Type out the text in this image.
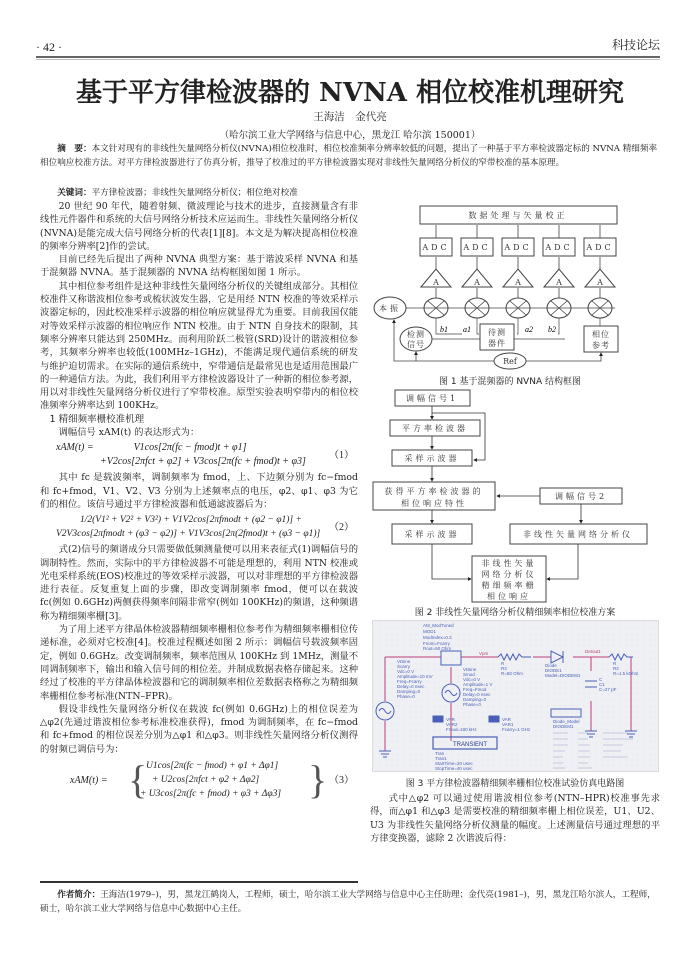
· 42 ·	科技论坛
基于平方律检波器的 NVNA 相位校准机理研究
王海洁　金代亮
（哈尔滨工业大学网络与信息中心，黑龙江 哈尔滨 150001）
摘　要：本文针对现有的非线性矢量网络分析仪(NVNA)相位校准时，相位校准频率分辨率较低的问题，提出了一种基于平方率检波器定标的 NVNA 精细频率相位响应校准方法。对平方律检波器进行了仿真分析，推导了校准过的平方律检波器实现对非线性矢量网络分析仪的窄带校准的基本原理。
关键词：平方律检波器；非线性矢量网络分析仪；相位绝对校准

20 世纪 90 年代，随着射频、微波理论与技术的进步，直接测量含有非线性元件器件和系统的大信号网络分析技术应运而生。非线性矢量网络分析仪(NVNA)是能完成大信号网络分析的代表[1][8]。本文是为解决提高相位校准的频率分辨率[2]作的尝试。

目前已经先后提出了两种 NVNA 典型方案：基于谐波采样 NVNA 和基于混频器 NVNA。基于混频器的 NVNA 结构框图如图 1 所示。

其中相位参考组件是这种非线性矢量网络分析仪的关键组成部分。其相位校准件又称谐波相位参考或梳状波发生器，它是用经 NTN 校准的等效采样示波器定标的，因此校准采样示波器的相位响应就显得尤为重要。目前我国仅能对等效采样示波器的相位响应作 NTN 校准。由于 NTN 自身技术的限制，其频率分辨率只能达到 250MHz。而利用阶跃二极管(SRD)设计的谐波相位参考，其频率分辨率也较低(100MHz–1GHz)，不能满足现代通信系统的研发与维护迫切需求。在实际的通信系统中，窄带通信是最常见也是适用范围最广的一种通信方法。为此，我们利用平方律检波器设计了一种新的相位参考源，用以对非线性矢量网络分析仪进行了窄带校准。原型实验表明窄带内的相位校准频率分辨率达到 100KHz。

1 精细频率栅校准机理

调幅信号 xAM(t) 的表达形式为：

xAM(t) =　　　　V1cos[2π(fc − fmod)t + φ1]
+V2cos[2πfct + φ2] + V3cos[2π(fc + fmod)t + φ3]
（1）

其中 fc 是载波频率，调制频率为 fmod，上、下边频分别为 fc−fmod 和 fc+fmod，V1、V2、V3 分别为上述频率点的电压，φ2、φ1、φ3 为它们的相位。该信号通过平方律检波器和低通滤波器后为：

1/2(V1² + V2² + V3²) + V1V2cos[2πfmodt + (φ2 − φ1)] +
V2V3cos[2πfmodt + (φ3 − φ2)] + V1V3cos[2π(2fmod)t + (φ3 − φ1)]
（2）

式(2)信号的频谱成分只需要做低频测量便可以用来表征式(1)调幅信号的调制特性。然而，实际中的平方律检波器不可能是理想的，利用 NTN 校准或光电采样系统(EOS)校准过的等效采样示波器，可以对非理想的平方律检波器进行表征。反复重复上面的步骤，即改变调制频率 fmod，便可以在载波 fc(例如 0.6GHz)两侧获得频率间隔非常窄(例如 100KHz)的频谱，这种频谱称为精细频率栅[3]。

为了用上述平方律晶体检波器精细频率栅相位参考作为精细频率栅相位传递标准，必须对它校准[4]。校准过程概述如图 2 所示：调幅信号载波频率固定，例如 0.6GHz。改变调制频率，频率范围从 100KHz 到 1MHz，测量不同调制频率下，输出和输入信号间的相位差。并制成数据表格存储起来。这种经过了校准的平方律晶体检波器和它的调制频率相位差数据表格称之为精细频率栅相位参考标准(NTN–FPR)。

假设非线性矢量网络分析仪在载波 fc(例如 0.6GHz)上的相位误差为△φ2(先通过谐波相位参考标准校准获得)，fmod 为调制频率，在 fc−fmod 和 fc+fmod 的相位误差分别为△φ1 和△φ3。则非线性矢量网络分析仪测得的射频已调信号为：

xAM(t) = {
U1cos[2π(fc − fmod) + φ1 + Δφ1]
+ U2cos[2πfct + φ2 + Δφ2]
+ U3cos[2π(fc + fmod) + φ3 + Δφ3] } （3）
数据处理与矢量校正
ADC
A
ADC
A
ADC
A
ADC
A
ADC
A
本振
检测
信号
待测
器件
相位
参考
Ref
b1 a1	a2 b2
图 1 基于混频器的 NVNA 结构框图
调幅信号1
平方率检波器
采样示波器
获得平方率检波器的
相位响应特性
调幅信号2
采样示波器	非线性矢量网络分析仪
非线性矢量
网络分析仪
精细频率栅
相位响应
图 2 非线性矢量网络分析仪精细频率相位校准方案
AM_ModTuned
MOD1
ModIndex=0.3
Fnom=Fcarry
Rout=50 Ohm
VtSine
Scarry
Vdc=0 V
Amplitude=10 mV
Freq=Fcarry
Delay=0 nsec
Damping=0
Phase=0
VtSine
Smod
Vdc=0 V
Amplitude=1 V
Freq=Fmod
Delay=0 nsec
Damping=0
Phase=0
Vpm	Detout1
R
R3
R=50 Ohm
Diode
DIODE1
Model=DIODEM1
C
C1
C=27 pF
R
R2
R=1.5 kOhm
VAR
VAR2
Fmod=100 kHz
VAR
VAR1
Fcarry=1 GHz
TRANSIENT
Tran
Tran1
StartTime=20 usec
StopTime=40 usec
Diode_Model
DIODEM1
图 3 平方律检波器精细频率栅相位校准试验仿真电路图

式中△φ2 可以通过使用谐波相位参考(NTN–HPR)校准事先求得，而△φ1 和△φ3 是需要校准的精细频率栅上相位误差，U1、U2、U3 为非线性矢量网络分析仪测量的幅度。上述测量信号通过理想的平方律变换器，滤除 2 次谐波后得：

作者简介：王海洁(1979–)，男，黑龙江鹤岗人，工程师，硕士，哈尔滨工业大学网络与信息中心主任助理；金代亮(1981–)，男，黑龙江哈尔滨人，工程师，硕士，哈尔滨工业大学网络与信息中心数据中心主任。
